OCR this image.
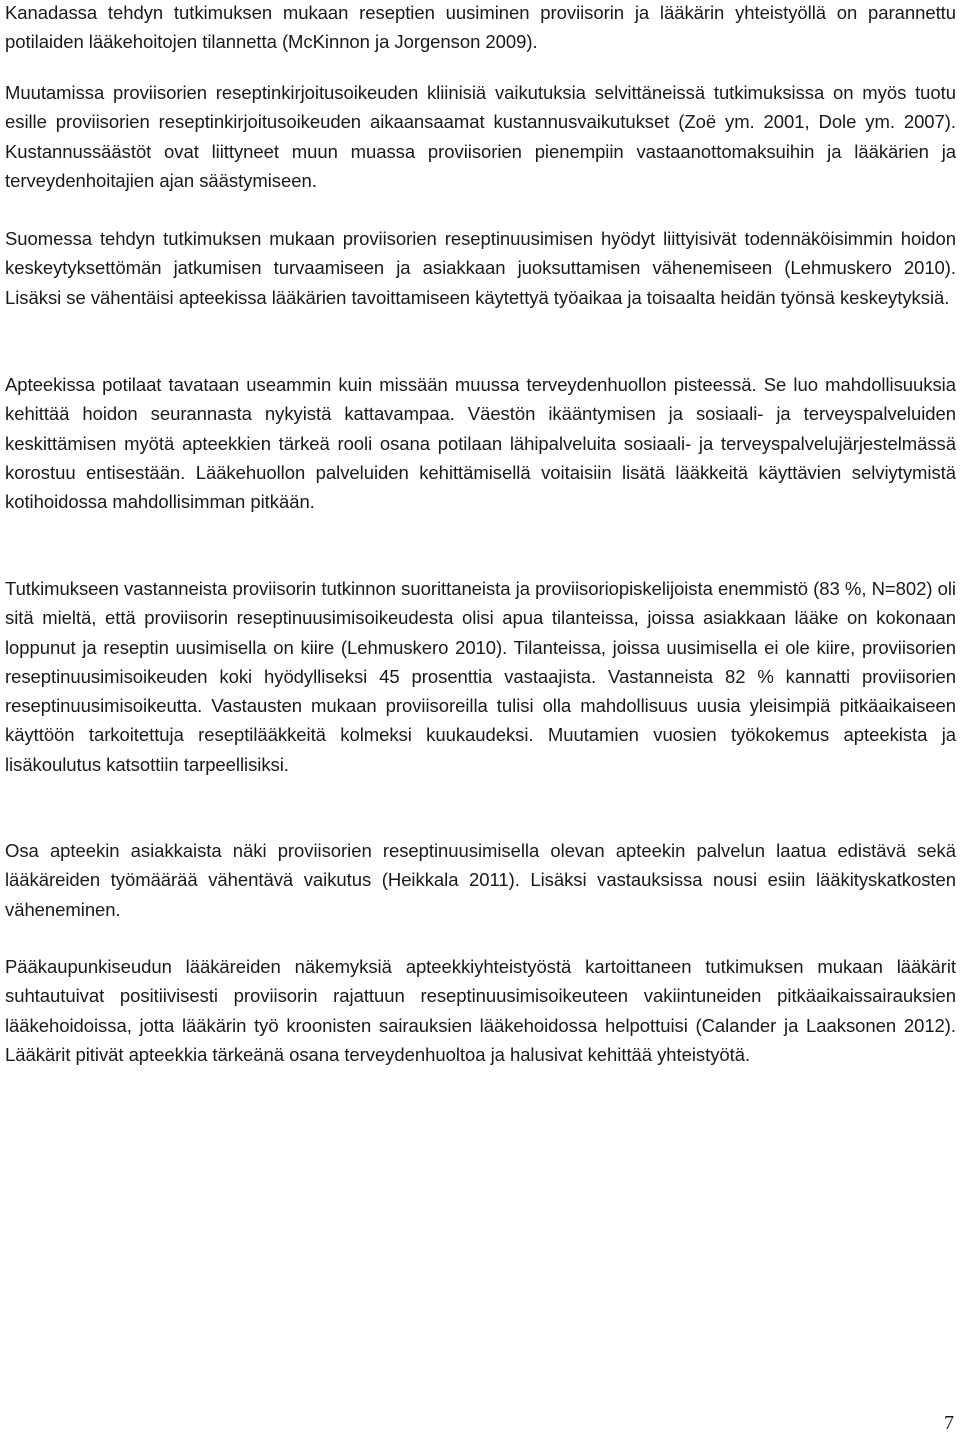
Kanadassa tehdyn tutkimuksen mukaan reseptien uusiminen proviisorin ja lääkärin yhteistyöllä on parannettu potilaiden lääkehoitojen tilannetta (McKinnon ja Jorgenson 2009).

Muutamissa proviisorien reseptinkirjoitusoikeuden kliinisiä vaikutuksia selvittäneissä tutkimuksissa on myös tuotu esille proviisorien reseptinkirjoitusoikeuden aikaansaamat kustannusvaikutukset (Zoë ym. 2001, Dole ym. 2007). Kustannussäästöt ovat liittyneet muun muassa proviisorien pienempiin vastaanottomaksuihin ja lääkärien ja terveydenhoitajien ajan säästymiseen.

Suomessa tehdyn tutkimuksen mukaan proviisorien reseptinuusimisen hyödyt liittyisivät todennäköisimmin hoidon keskeytyksettömän jatkumisen turvaamiseen ja asiakkaan juoksuttamisen vähenemiseen (Lehmuskero 2010). Lisäksi se vähentäisi apteekissa lääkärien tavoittamiseen käytettyä työaikaa ja toisaalta heidän työnsä keskeytyksiä.

Apteekissa potilaat tavataan useammin kuin missään muussa terveydenhuollon pisteessä. Se luo mahdollisuuksia kehittää hoidon seurannasta nykyistä kattavampaa. Väestön ikääntymisen ja sosiaali- ja terveyspalveluiden keskittämisen myötä apteekkien tärkeä rooli osana potilaan lähipalveluita sosiaali- ja terveyspalvelujärjestelmässä korostuu entisestään. Lääkehuollon palveluiden kehittämisellä voitaisiin lisätä lääkkeitä käyttävien selviytymistä kotihoidossa mahdollisimman pitkään.

Tutkimukseen vastanneista proviisorin tutkinnon suorittaneista ja proviisoriopiskelijoista enemmistö (83 %, N=802) oli sitä mieltä, että proviisorin reseptinuusimisoikeudesta olisi apua tilanteissa, joissa asiakkaan lääke on kokonaan loppunut ja reseptin uusimisella on kiire (Lehmuskero 2010). Tilanteissa, joissa uusimisella ei ole kiire, proviisorien reseptinuusimisoikeuden koki hyödylliseksi 45 prosenttia vastaajista. Vastanneista 82 % kannatti proviisorien reseptinuusimisoikeutta. Vastausten mukaan proviisoreilla tulisi olla mahdollisuus uusia yleisimpiä pitkäaikaiseen käyttöön tarkoitettuja reseptilääkkeitä kolmeksi kuukaudeksi. Muutamien vuosien työkokemus apteekista ja lisäkoulutus katsottiin tarpeellisiksi.

Osa apteekin asiakkaista näki proviisorien reseptinuusimisella olevan apteekin palvelun laatua edistävä sekä lääkäreiden työmäärää vähentävä vaikutus (Heikkala 2011). Lisäksi vastauksissa nousi esiin lääkityskatkosten väheneminen.

Pääkaupunkiseudun lääkäreiden näkemyksiä apteekkiyhteistyöstä kartoittaneen tutkimuksen mukaan lääkärit suhtautuivat positiivisesti proviisorin rajattuun reseptinuusimisoikeuteen vakiintuneiden pitkäaikaissairauksien lääkehoidoissa, jotta lääkärin työ kroonisten sairauksien lääkehoidossa helpottuisi (Calander ja Laaksonen 2012). Lääkärit pitivät apteekkia tärkeänä osana terveydenhuoltoa ja halusivat kehittää yhteistyötä.

7
